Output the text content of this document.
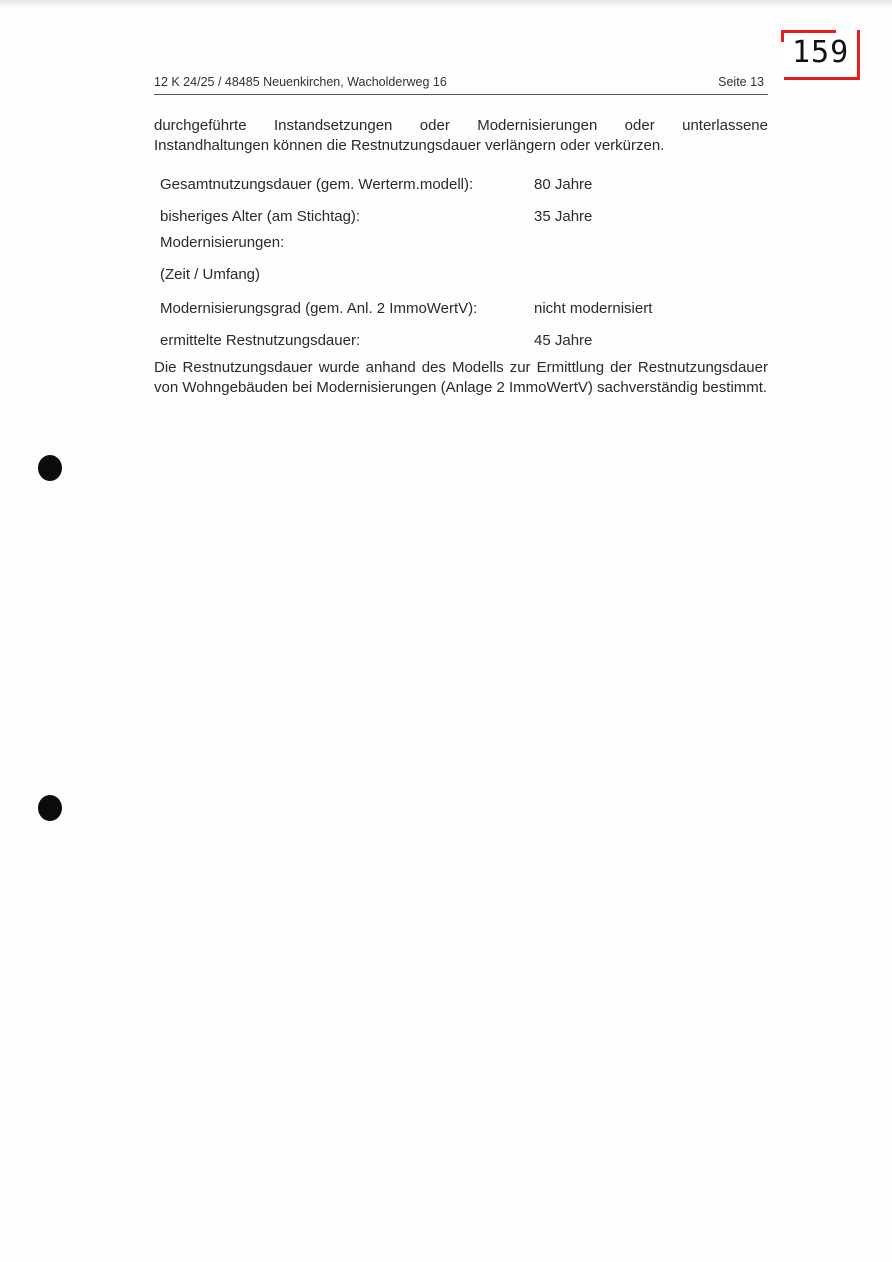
159
12 K 24/25 / 48485 Neuenkirchen, Wacholderweg 16	Seite 13
durchgeführte Instandsetzungen oder Modernisierungen oder unterlassene Instandhaltungen können die Restnutzungsdauer verlängern oder verkürzen.
Gesamtnutzungsdauer (gem. Werterm.modell):	80 Jahre
bisheriges Alter (am Stichtag):	35 Jahre
Modernisierungen:	
(Zeit / Umfang)	
Modernisierungsgrad (gem. Anl. 2 ImmoWertV):	nicht modernisiert
ermittelte Restnutzungsdauer:	45 Jahre
Die Restnutzungsdauer wurde anhand des Modells zur Ermittlung der Restnutzungsdauer von Wohngebäuden bei Modernisierungen (Anlage 2 ImmoWertV) sachverständig bestimmt.
